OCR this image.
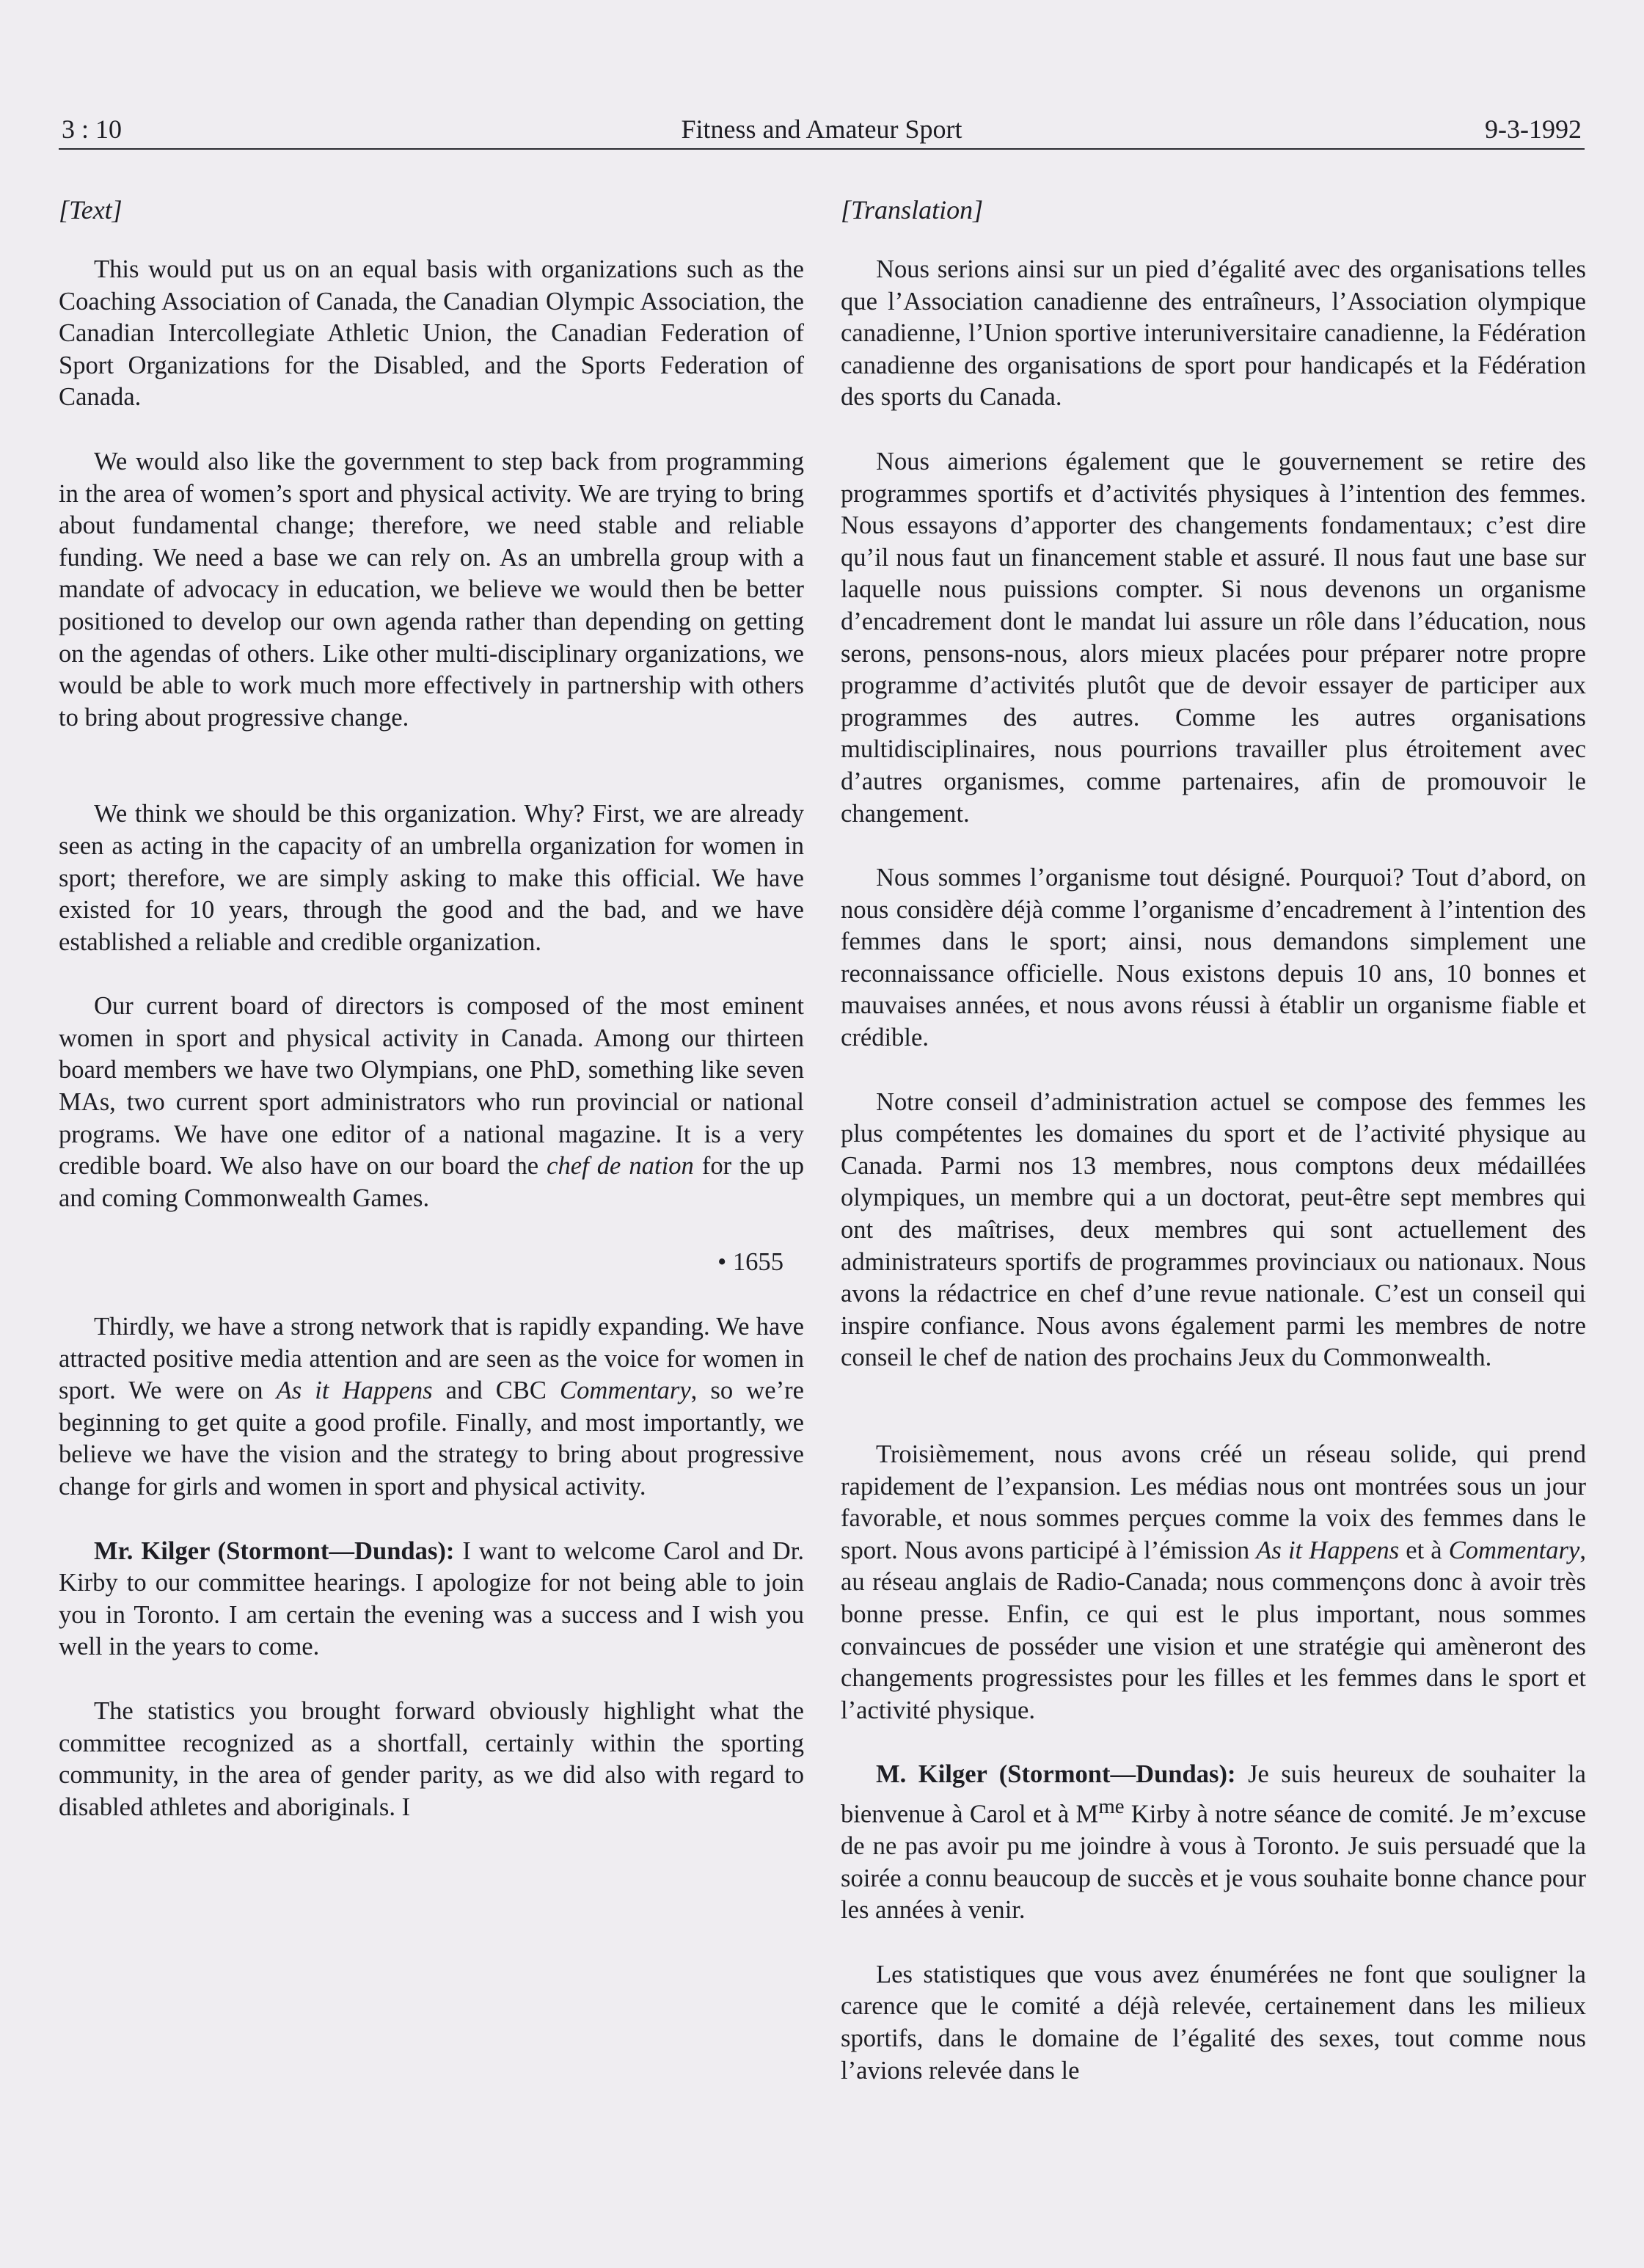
3 : 10	Fitness and Amateur Sport	9-3-1992
[Text]

This would put us on an equal basis with organizations such as the Coaching Association of Canada, the Canadian Olympic Association, the Canadian Intercollegiate Athletic Union, the Canadian Federation of Sport Organizations for the Disabled, and the Sports Federation of Canada.

We would also like the government to step back from programming in the area of women’s sport and physical activity. We are trying to bring about fundamental change; therefore, we need stable and reliable funding. We need a base we can rely on. As an umbrella group with a mandate of advocacy in education, we believe we would then be better positioned to develop our own agenda rather than depending on getting on the agendas of others. Like other multi-disciplinary organizations, we would be able to work much more effectively in partnership with others to bring about progressive change.

We think we should be this organization. Why? First, we are already seen as acting in the capacity of an umbrella organization for women in sport; therefore, we are simply asking to make this official. We have existed for 10 years, through the good and the bad, and we have established a reliable and credible organization.

Our current board of directors is composed of the most eminent women in sport and physical activity in Canada. Among our thirteen board members we have two Olympians, one PhD, something like seven MAs, two current sport administrators who run provincial or national programs. We have one editor of a national magazine. It is a very credible board. We also have on our board the chef de nation for the up and coming Commonwealth Games.

• 1655

Thirdly, we have a strong network that is rapidly expanding. We have attracted positive media attention and are seen as the voice for women in sport. We were on As it Happens and CBC Commentary, so we’re beginning to get quite a good profile. Finally, and most importantly, we believe we have the vision and the strategy to bring about progressive change for girls and women in sport and physical activity.

Mr. Kilger (Stormont—Dundas): I want to welcome Carol and Dr. Kirby to our committee hearings. I apologize for not being able to join you in Toronto. I am certain the evening was a success and I wish you well in the years to come.

The statistics you brought forward obviously highlight what the committee recognized as a shortfall, certainly within the sporting community, in the area of gender parity, as we did also with regard to disabled athletes and aboriginals. I

[Translation]

Nous serions ainsi sur un pied d’égalité avec des organisations telles que l’Association canadienne des entraîneurs, l’Association olympique canadienne, l’Union sportive interuniversitaire canadienne, la Fédération canadienne des organisations de sport pour handicapés et la Fédération des sports du Canada.

Nous aimerions également que le gouvernement se retire des programmes sportifs et d’activités physiques à l’intention des femmes. Nous essayons d’apporter des changements fondamentaux; c’est dire qu’il nous faut un financement stable et assuré. Il nous faut une base sur laquelle nous puissions compter. Si nous devenons un organisme d’encadrement dont le mandat lui assure un rôle dans l’éducation, nous serons, pensons-nous, alors mieux placées pour préparer notre propre programme d’activités plutôt que de devoir essayer de participer aux programmes des autres. Comme les autres organisations multidisciplinaires, nous pourrions travailler plus étroitement avec d’autres organismes, comme partenaires, afin de promouvoir le changement.

Nous sommes l’organisme tout désigné. Pourquoi? Tout d’abord, on nous considère déjà comme l’organisme d’encadrement à l’intention des femmes dans le sport; ainsi, nous demandons simplement une reconnaissance officielle. Nous existons depuis 10 ans, 10 bonnes et mauvaises années, et nous avons réussi à établir un organisme fiable et crédible.

Notre conseil d’administration actuel se compose des femmes les plus compétentes les domaines du sport et de l’activité physique au Canada. Parmi nos 13 membres, nous comptons deux médaillées olympiques, un membre qui a un doctorat, peut-être sept membres qui ont des maîtrises, deux membres qui sont actuellement des administrateurs sportifs de programmes provinciaux ou nationaux. Nous avons la rédactrice en chef d’une revue nationale. C’est un conseil qui inspire confiance. Nous avons également parmi les membres de notre conseil le chef de nation des prochains Jeux du Commonwealth.

Troisièmement, nous avons créé un réseau solide, qui prend rapidement de l’expansion. Les médias nous ont montrées sous un jour favorable, et nous sommes perçues comme la voix des femmes dans le sport. Nous avons participé à l’émission As it Happens et à Commentary, au réseau anglais de Radio-Canada; nous commençons donc à avoir très bonne presse. Enfin, ce qui est le plus important, nous sommes convaincues de posséder une vision et une stratégie qui amèneront des changements progressistes pour les filles et les femmes dans le sport et l’activité physique.

M. Kilger (Stormont—Dundas): Je suis heureux de souhaiter la bienvenue à Carol et à $M^{me}$ Kirby à notre séance de comité. Je m’excuse de ne pas avoir pu me joindre à vous à Toronto. Je suis persuadé que la soirée a connu beaucoup de succès et je vous souhaite bonne chance pour les années à venir.

Les statistiques que vous avez énumérées ne font que souligner la carence que le comité a déjà relevée, certainement dans les milieux sportifs, dans le domaine de l’égalité des sexes, tout comme nous l’avions relevée dans le
